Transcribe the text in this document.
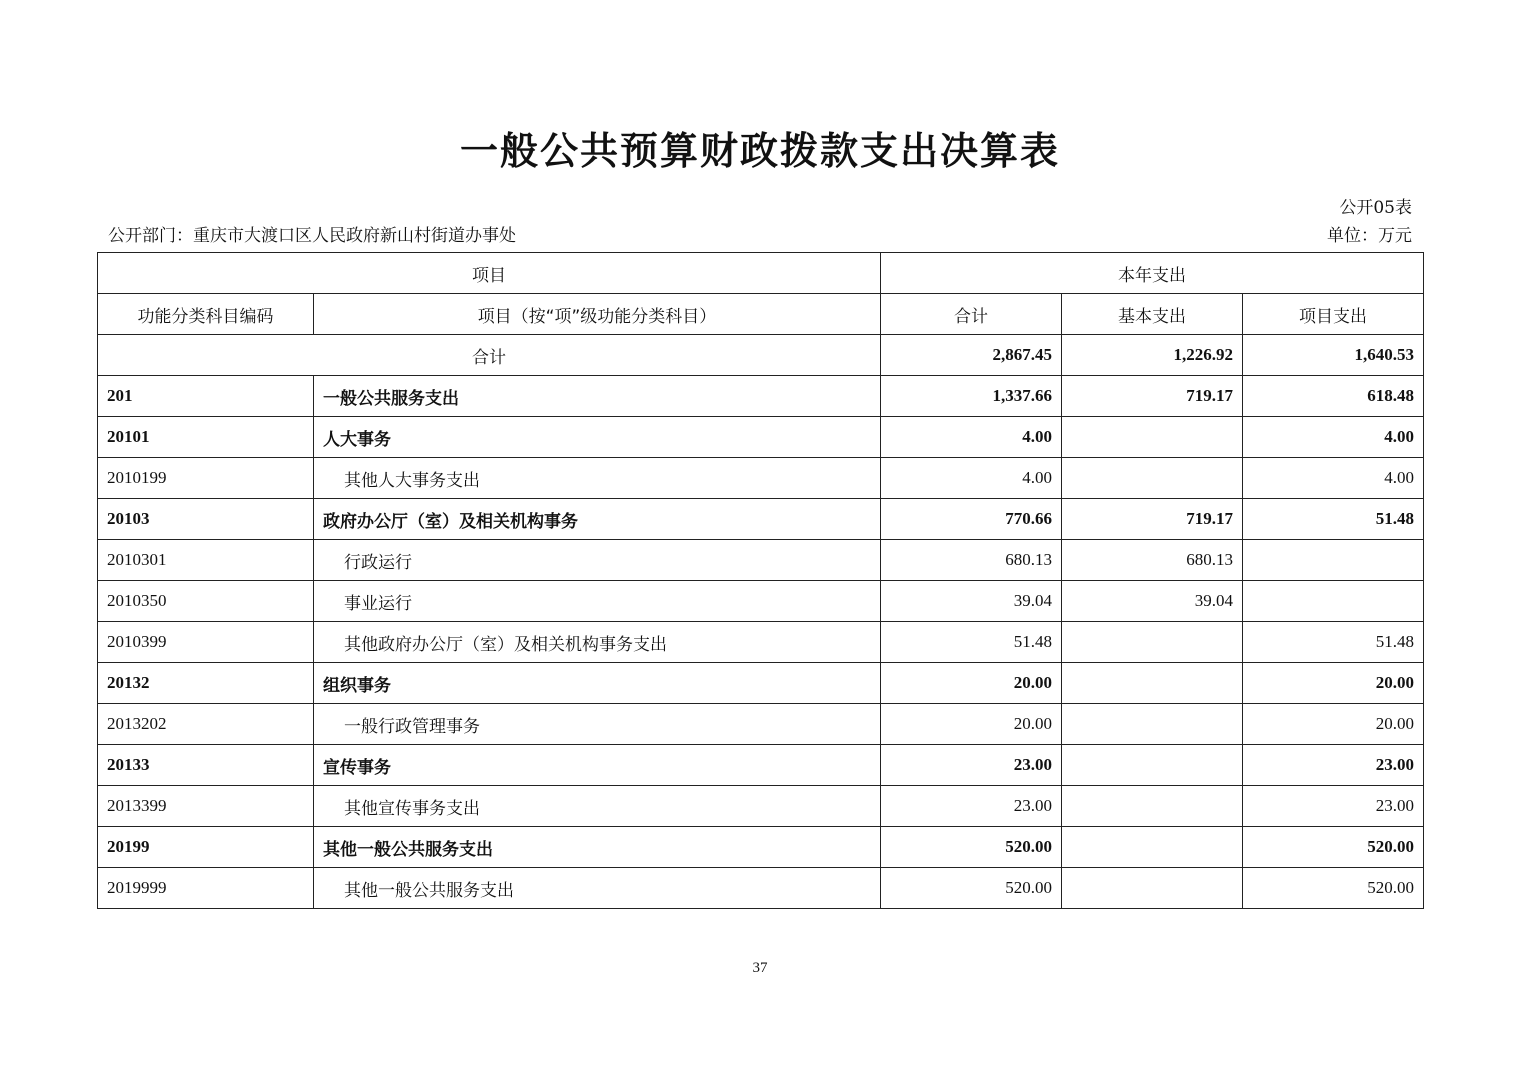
一般公共预算财政拨款支出决算表
公开05表
公开部门：重庆市大渡口区人民政府新山村街道办事处	单位：万元
项目		本年支出		
功能分类科目编码	项目（按“项”级功能分类科目）	合计	基本支出	项目支出
合计		2,867.45	1,226.92	1,640.53
201	一般公共服务支出	1,337.66	719.17	618.48
20101	人大事务	4.00		4.00
2010199	其他人大事务支出	4.00		4.00
20103	政府办公厅（室）及相关机构事务	770.66	719.17	51.48
2010301	行政运行	680.13	680.13	
2010350	事业运行	39.04	39.04	
2010399	其他政府办公厅（室）及相关机构事务支出	51.48		51.48
20132	组织事务	20.00		20.00
2013202	一般行政管理事务	20.00		20.00
20133	宣传事务	23.00		23.00
2013399	其他宣传事务支出	23.00		23.00
20199	其他一般公共服务支出	520.00		520.00
2019999	其他一般公共服务支出	520.00		520.00
37
